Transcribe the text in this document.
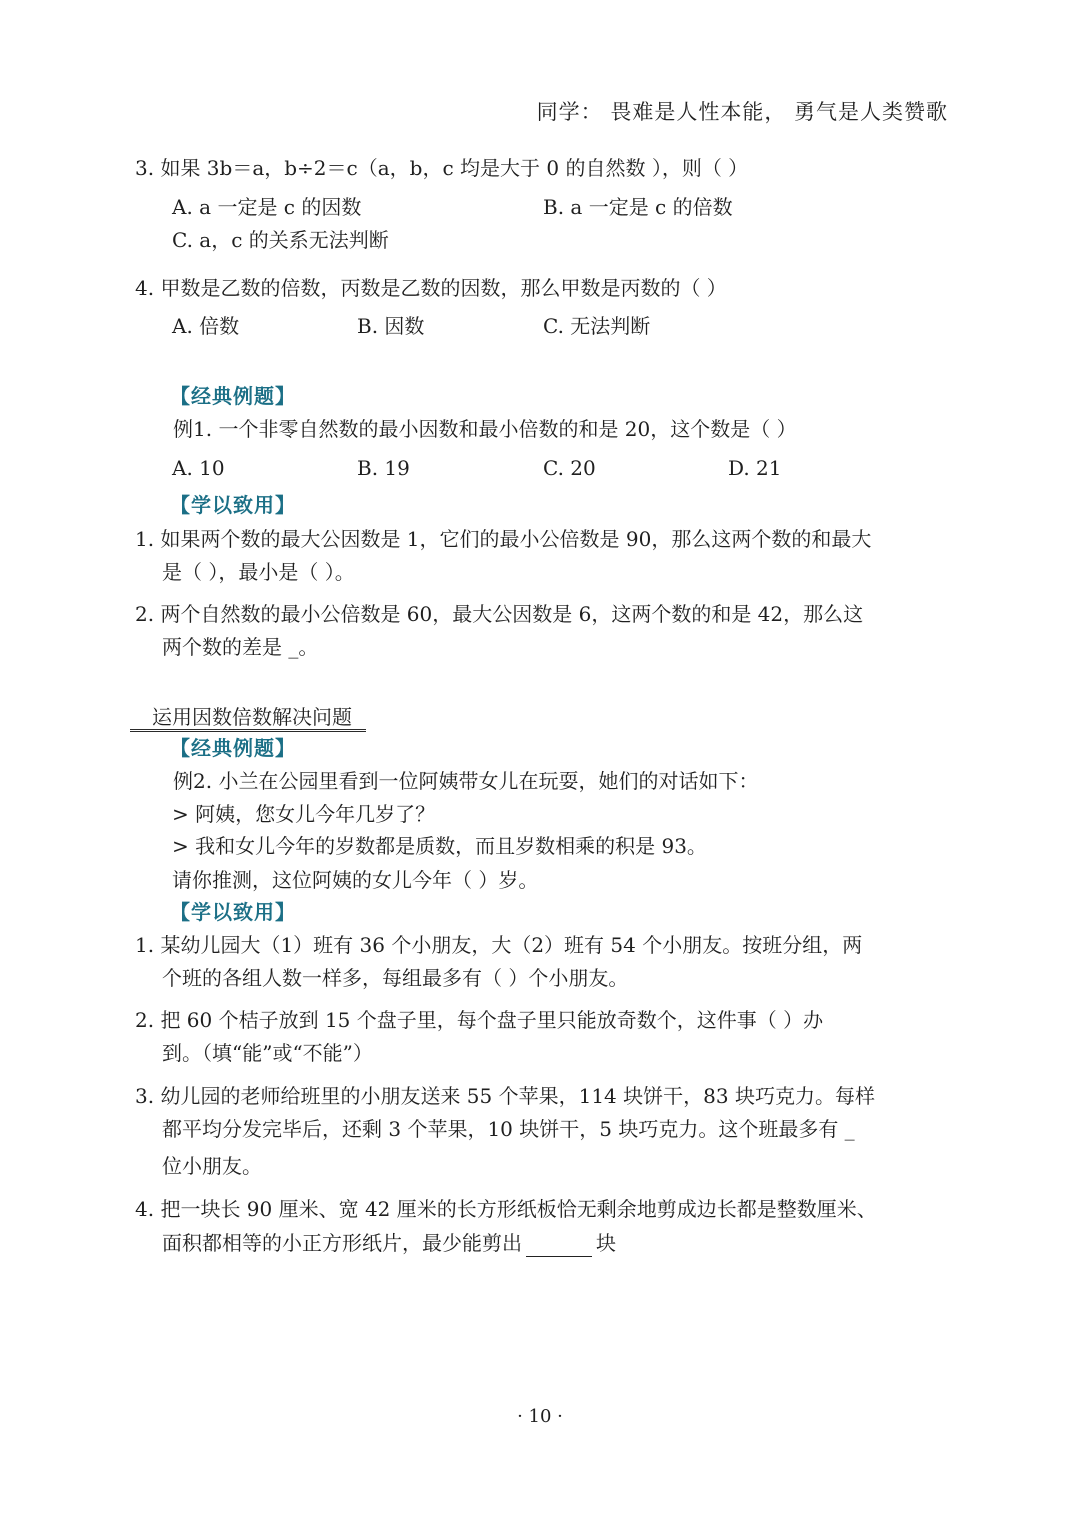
同学： 畏难是人性本能， 勇气是人类赞歌
3. 如果 3b＝a，b÷2＝c（a，b，c 均是大于 0 的自然数 ），则（ ）
A. a 一定是 c 的因数	B. a 一定是 c 的倍数
C. a，c 的关系无法判断
4. 甲数是乙数的倍数，丙数是乙数的因数，那么甲数是丙数的（ ）
A. 倍数	B. 因数	C. 无法判断
【经典例题】
例1. 一个非零自然数的最小因数和最小倍数的和是 20，这个数是（ ）
A. 10	B. 19	C. 20	D. 21
【学以致用】
1. 如果两个数的最大公因数是 1，它们的最小公倍数是 90，那么这两个数的和最大
是（ ），最小是（ ）。
2. 两个自然数的最小公倍数是 60，最大公因数是 6，这两个数的和是 42，那么这
两个数的差是 _。
运用因数倍数解决问题
【经典例题】
例2. 小兰在公园里看到一位阿姨带女儿在玩耍，她们的对话如下：
> 阿姨，您女儿今年几岁了？
> 我和女儿今年的岁数都是质数，而且岁数相乘的积是 93。
请你推测，这位阿姨的女儿今年（ ）岁。
【学以致用】
1. 某幼儿园大（1）班有 36 个小朋友，大（2）班有 54 个小朋友。按班分组，两
个班的各组人数一样多，每组最多有（ ）个小朋友。
2. 把 60 个桔子放到 15 个盘子里，每个盘子里只能放奇数个，这件事（ ）办
到。（填“能”或“不能”）
3. 幼儿园的老师给班里的小朋友送来 55 个苹果，114 块饼干，83 块巧克力。每样
都平均分发完毕后，还剩 3 个苹果，10 块饼干，5 块巧克力。这个班最多有 _
位小朋友。
4. 把一块长 90 厘米、宽 42 厘米的长方形纸板恰无剩余地剪成边长都是整数厘米、
面积都相等的小正方形纸片，最少能剪出	块
· 10 ·
